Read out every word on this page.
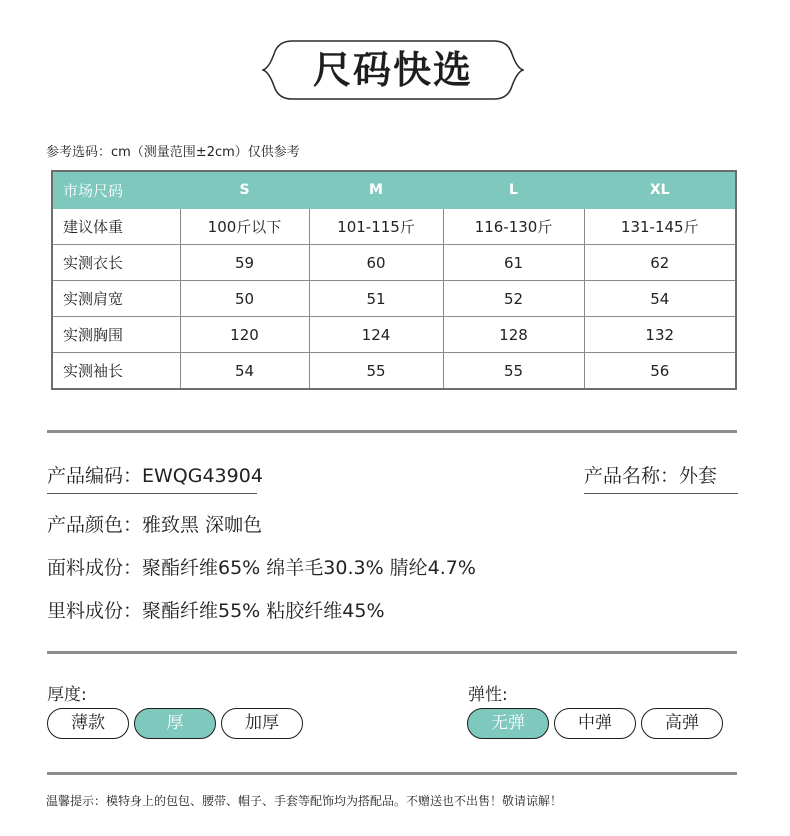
尺码快选
参考选码：cm（测量范围±2cm）仅供参考
市场尺码	S	M	L	XL
建议体重	100斤以下	101-115斤	116-130斤	131-145斤
实测衣长	59	60	61	62
实测肩宽	50	51	52	54
实测胸围	120	124	128	132
实测袖长	54	55	55	56
产品编码：EWQG43904	产品名称：外套
产品颜色：雅致黑 深咖色
面料成份：聚酯纤维65% 绵羊毛30.3% 腈纶4.7%
里料成份：聚酯纤维55% 粘胶纤维45%
厚度:
薄款	厚	加厚
弹性:
无弹	中弹	高弹
温馨提示：模特身上的包包、腰带、帽子、手套等配饰均为搭配品。不赠送也不出售！敬请谅解！
